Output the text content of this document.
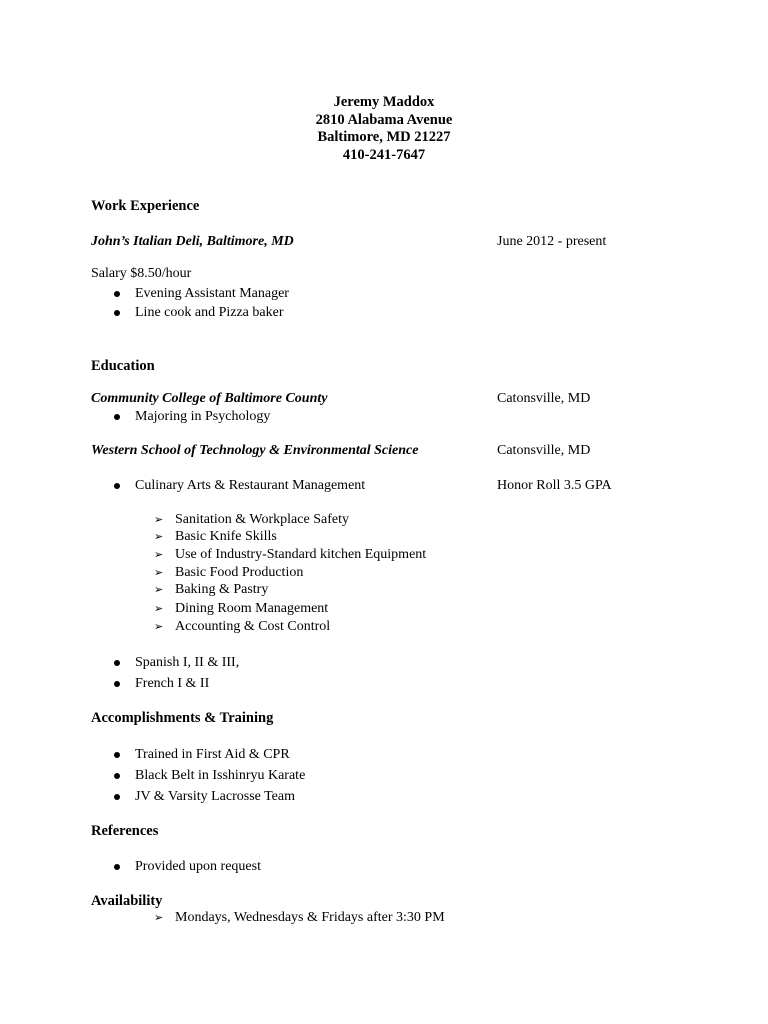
Jeremy Maddox
2810 Alabama Avenue
Baltimore, MD 21227
410-241-7647
Work Experience
John’s Italian Deli, Baltimore, MD	June 2012 - present
Salary $8.50/hour
Evening Assistant Manager
Line cook and Pizza baker
Education
Community College of Baltimore County	Catonsville, MD
Majoring in Psychology
Western School of Technology & Environmental Science	Catonsville, MD
Culinary Arts & Restaurant Management	Honor Roll 3.5 GPA
➢ Sanitation & Workplace Safety
➢ Basic Knife Skills
➢ Use of Industry-Standard kitchen Equipment
➢ Basic Food Production
➢ Baking & Pastry
➢ Dining Room Management
➢ Accounting & Cost Control
Spanish I, II & III,
French I & II
Accomplishments & Training
Trained in First Aid & CPR
Black Belt in Isshinryu Karate
JV & Varsity Lacrosse Team
References
Provided upon request
Availability
➢ Mondays, Wednesdays & Fridays after 3:30 PM
